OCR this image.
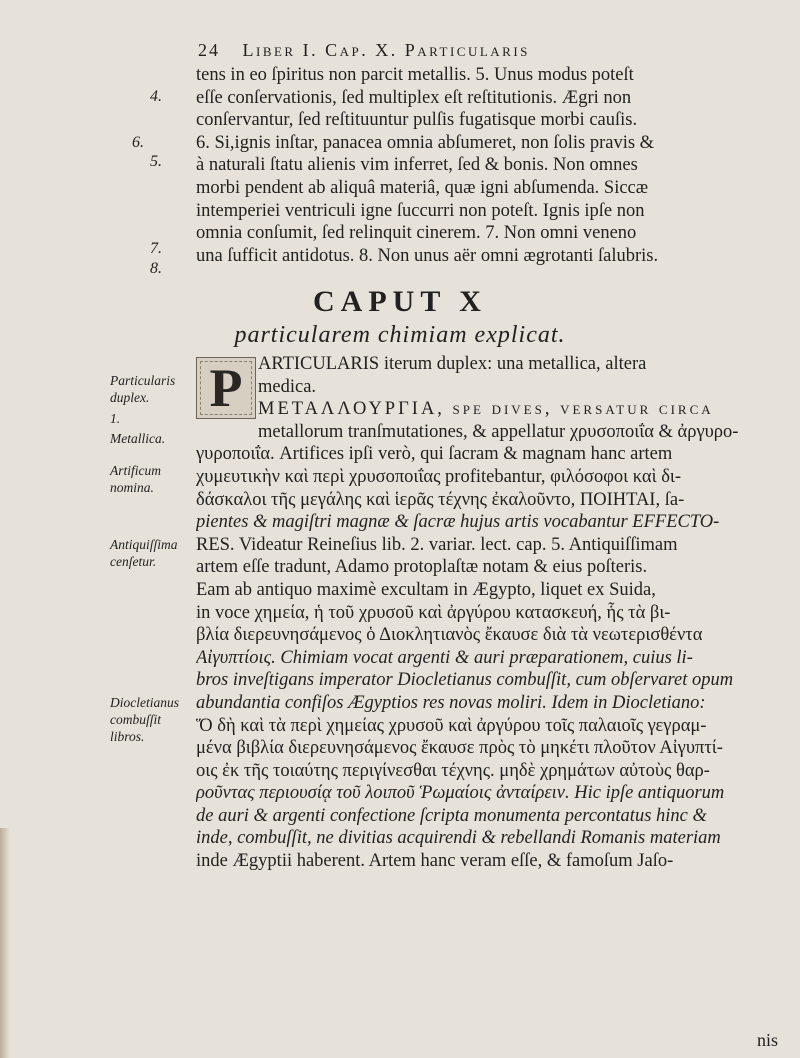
24 Liber I. Cap. X. Particularis
4.
5.
6.
7.
8.
tens in eo ſpiritus non parcit metallis. 5. Unus modus poteſt
eſſe conſervationis, ſed multiplex eſt reſtitutionis. Ægri non
conſervantur, ſed reſtituuntur pulſis fugatisque morbi cauſis.
6. Si,ignis inſtar, panacea omnia abſumeret, non ſolis pravis &
à naturali ſtatu alienis vim inferret, ſed & bonis. Non omnes
morbi pendent ab aliquâ materiâ, quæ igni abſumenda. Siccæ
intemperiei ventriculi igne ſuccurri non poteſt. Ignis ipſe non
omnia conſumit, ſed relinquit cinerem. 7. Non omni veneno
una ſufficit antidotus. 8. Non unus aër omni ægrotanti ſalubris.
CAPUT X
particularem chimiam explicat.
Particularis duplex.
1.
Metallica.
Artificum nomina.
Antiquiſſima cenſetur.
Diocletianus combuſſit libros.
P ARTICULARIS iterum duplex: una metallica, altera
medica.
ΜΕΤΑΛΛΟΥΡΓΙΑ, ſpe dives, verſatur circa
metallorum tranſmutationes, & appellatur χρυσοποιΐα & ἀργυρο-
γυροποιΐα. Artifices ipſi verò, qui ſacram & magnam hanc artem
χυμευτικὴν καὶ περὶ χρυσοποιΐας profitebantur, φιλόσοφοι καὶ δι-
δάσκαλοι τῆς μεγάλης καὶ ἱερᾶς τέχνης ἐκαλοῦντο, ΠΟΙΗΤΑΙ, ſa-
pientes & magiſtri magnæ & ſacræ hujus artis vocabantur EFFECTO-
RES. Videatur Reineſius lib. 2. variar. lect. cap. 5. Antiquiſſimam
artem eſſe tradunt, Adamo protoplaſtæ notam & eius poſteris.
Eam ab antiquo maximè excultam in Ægypto, liquet ex Suida,
in voce χημεία, ἡ τοῦ χρυσοῦ καὶ ἀργύρου κατασκευή, ἧς τὰ βι-
βλία διερευνησάμενος ὁ Διοκλητιανὸς ἔκαυσε διὰ τὰ νεωτερισθέντα
Αἰγυπτίοις. Chimiam vocat argenti & auri præparationem, cuius li-
bros inveſtigans imperator Diocletianus combuſſit, cum obſervaret opum
abundantia confiſos Ægyptios res novas moliri. Idem in Diocletiano:
Ὅ δὴ καὶ τὰ περὶ χημείας χρυσοῦ καὶ ἀργύρου τοῖς παλαιοῖς γεγραμ-
μένα βιβλία διερευνησάμενος ἔκαυσε πρὸς τὸ μηκέτι πλοῦτον Αἰγυπτί-
οις ἐκ τῆς τοιαύτης περιγίνεσθαι τέχνης. μηδὲ χρημάτων αὐτοὺς θαρ-
ροῦντας περιουσίᾳ τοῦ λοιποῦ Ῥωμαίοις ἀνταίρειν. Hic ipſe antiquorum
de auri & argenti confectione ſcripta monumenta percontatus hinc &
inde, combuſſit, ne divitias acquirendi & rebellandi Romanis materiam
inde Ægyptii haberent. Artem hanc veram eſſe, & famoſum Jaſo-
nis
